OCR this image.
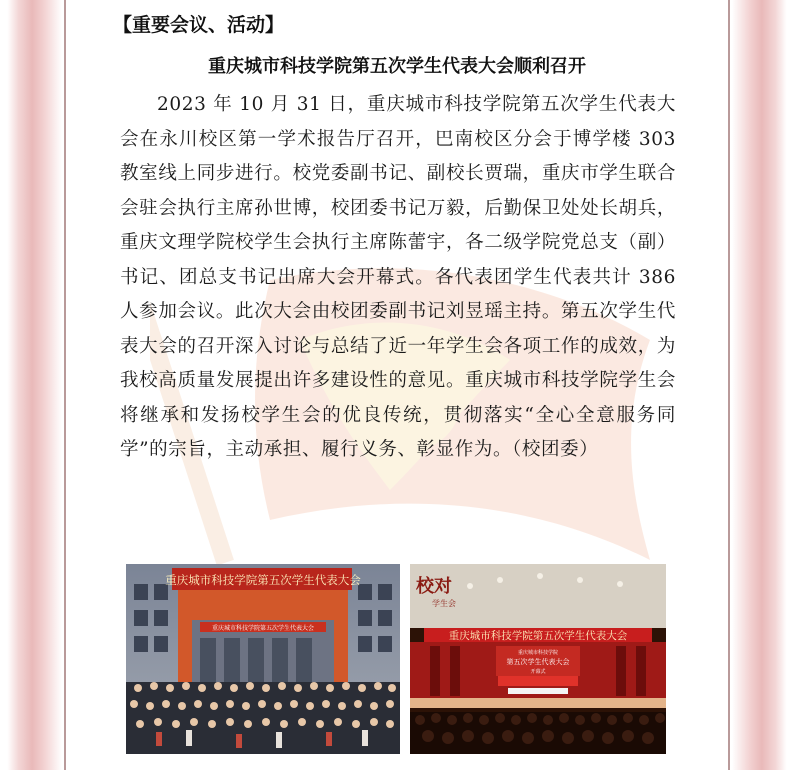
【重要会议、活动】
重庆城市科技学院第五次学生代表大会顺利召开

2023 年 10 月 31 日，重庆城市科技学院第五次学生代表大会在永川校区第一学术报告厅召开，巴南校区分会于博学楼 303 教室线上同步进行。校党委副书记、副校长贾瑞，重庆市学生联合会驻会执行主席孙世博，校团委书记万毅，后勤保卫处处长胡兵，重庆文理学院校学生会执行主席陈蕾宇，各二级学院党总支（副）书记、团总支书记出席大会开幕式。各代表团学生代表共计 386 人参加会议。此次大会由校团委副书记刘昱瑶主持。第五次学生代表大会的召开深入讨论与总结了近一年学生会各项工作的成效，为我校高质量发展提出许多建设性的意见。重庆城市科技学院学生会将继承和发扬校学生会的优良传统，贯彻落实“全心全意服务同学”的宗旨，主动承担、履行义务、彰显作为。（校团委）

重庆城市科技学院第五次学生代表大会
重庆城市科技学院第五次学生代表大会
校对
学生会
重庆城市科技学院第五次学生代表大会
重庆城市科技学院
第五次学生代表大会
开幕式
